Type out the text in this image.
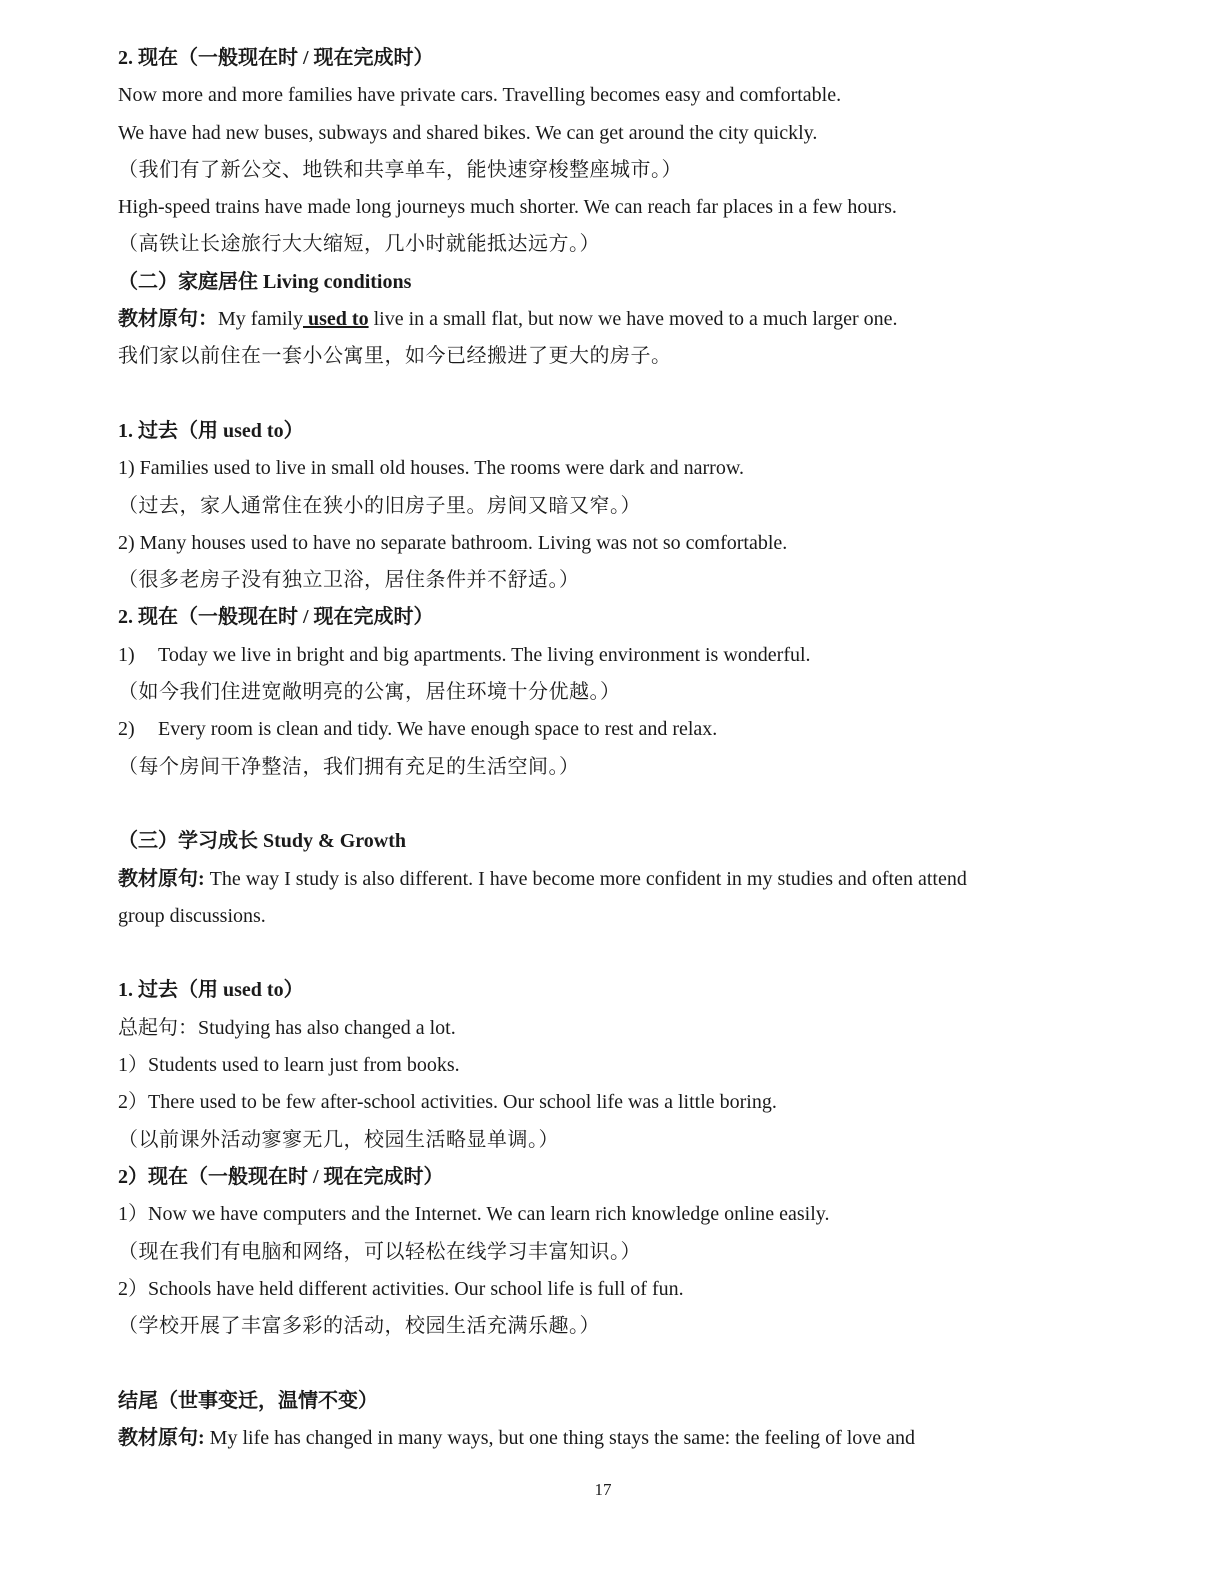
2. 现在（一般现在时 / 现在完成时）
Now more and more families have private cars. Travelling becomes easy and comfortable.
We have had new buses, subways and shared bikes. We can get around the city quickly.
（我们有了新公交、地铁和共享单车，能快速穿梭整座城市。）
High-speed trains have made long journeys much shorter. We can reach far places in a few hours.
（高铁让长途旅行大大缩短，几小时就能抵达远方。）
（二）家庭居住 Living conditions
教材原句：My family used to live in a small flat, but now we have moved to a much larger one.
我们家以前住在一套小公寓里，如今已经搬进了更大的房子。
1. 过去（用 used to）
1) Families used to live in small old houses. The rooms were dark and narrow.
（过去，家人通常住在狭小的旧房子里。房间又暗又窄。）
2) Many houses used to have no separate bathroom. Living was not so comfortable.
（很多老房子没有独立卫浴，居住条件并不舒适。）
2. 现在（一般现在时 / 现在完成时）
1) Today we live in bright and big apartments. The living environment is wonderful.
（如今我们住进宽敞明亮的公寓，居住环境十分优越。）
2) Every room is clean and tidy. We have enough space to rest and relax.
（每个房间干净整洁，我们拥有充足的生活空间。）
（三）学习成长 Study & Growth
教材原句: The way I study is also different. I have become more confident in my studies and often attend
group discussions.
1. 过去（用 used to）
总起句：Studying has also changed a lot.
1）Students used to learn just from books.
2）There used to be few after-school activities. Our school life was a little boring.
（以前课外活动寥寥无几，校园生活略显单调。）
2）现在（一般现在时 / 现在完成时）
1）Now we have computers and the Internet. We can learn rich knowledge online easily.
（现在我们有电脑和网络，可以轻松在线学习丰富知识。）
2）Schools have held different activities. Our school life is full of fun.
（学校开展了丰富多彩的活动，校园生活充满乐趣。）
结尾（世事变迁，温情不变）
教材原句: My life has changed in many ways, but one thing stays the same: the feeling of love and
17
